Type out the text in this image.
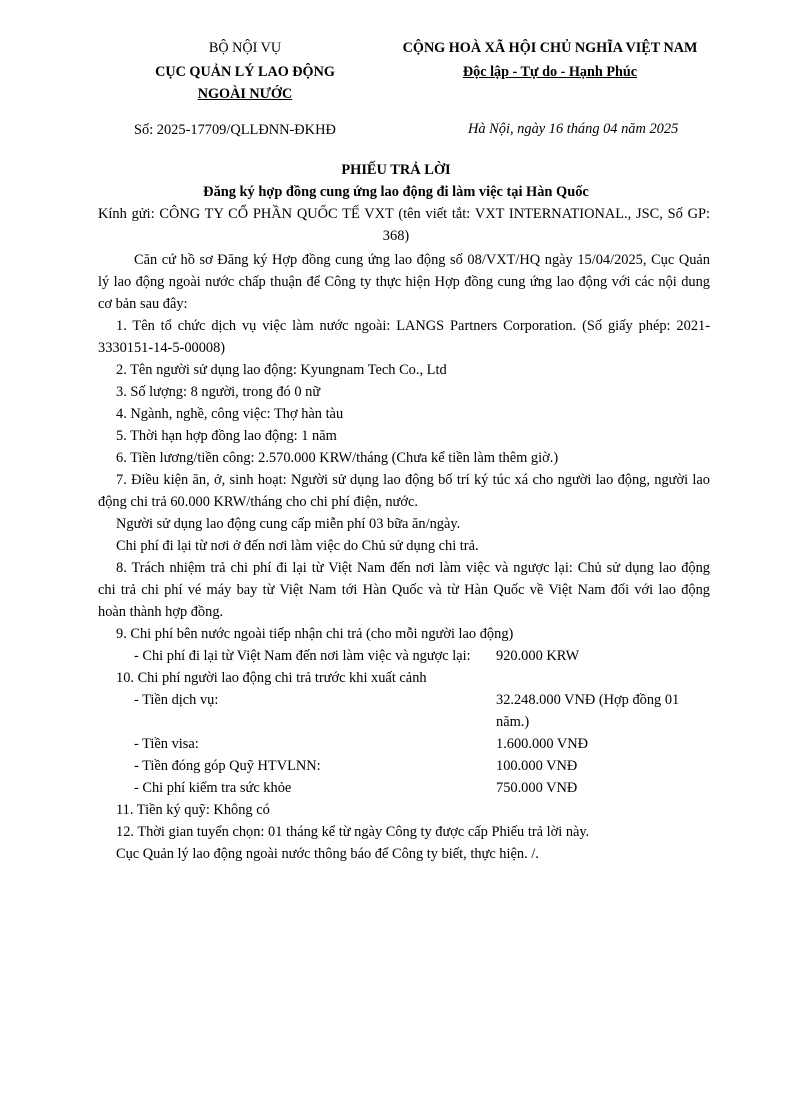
BỘ NỘI VỤ
CỤC QUẢN LÝ LAO ĐỘNG
NGOÀI NƯỚC
CỘNG HOÀ XÃ HỘI CHỦ NGHĨA VIỆT NAM
Độc lập - Tự do - Hạnh Phúc
Số: 2025-17709/QLLĐNN-ĐKHĐ	Hà Nội, ngày 16 tháng 04 năm 2025
PHIẾU TRẢ LỜI
Đăng ký hợp đồng cung ứng lao động đi làm việc tại Hàn Quốc
Kính gửi: CÔNG TY CỔ PHẦN QUỐC TẾ VXT (tên viết tắt: VXT INTERNATIONAL., JSC, Số GP:
368)
Căn cứ hồ sơ Đăng ký Hợp đồng cung ứng lao động số 08/VXT/HQ ngày 15/04/2025, Cục Quản
lý lao động ngoài nước chấp thuận để Công ty thực hiện Hợp đồng cung ứng lao động với các nội dung
cơ bản sau đây:
1. Tên tổ chức dịch vụ việc làm nước ngoài: LANGS Partners Corporation. (Số giấy phép: 2021-
3330151-14-5-00008)
2. Tên người sử dụng lao động: Kyungnam Tech Co., Ltd
3. Số lượng: 8 người, trong đó 0 nữ
4. Ngành, nghề, công việc: Thợ hàn tàu
5. Thời hạn hợp đồng lao động: 1 năm
6. Tiền lương/tiền công: 2.570.000 KRW/tháng (Chưa kể tiền làm thêm giờ.)
7. Điều kiện ăn, ở, sinh hoạt: Người sử dụng lao động bố trí ký túc xá cho người lao động, người lao
động chi trả 60.000 KRW/tháng cho chi phí điện, nước.
Người sử dụng lao động cung cấp miễn phí 03 bữa ăn/ngày.
Chi phí đi lại từ nơi ở đến nơi làm việc do Chủ sử dụng chi trả.
8. Trách nhiệm trả chi phí đi lại từ Việt Nam đến nơi làm việc và ngược lại: Chủ sử dụng lao động
chi trả chi phí vé máy bay từ Việt Nam tới Hàn Quốc và từ Hàn Quốc về Việt Nam đối với lao động
hoàn thành hợp đồng.
9. Chi phí bên nước ngoài tiếp nhận chi trả (cho mỗi người lao động)
- Chi phí đi lại từ Việt Nam đến nơi làm việc và ngược lại: 920.000 KRW
10. Chi phí người lao động chi trả trước khi xuất cảnh
- Tiền dịch vụ:	32.248.000 VNĐ (Hợp đồng 01
năm.)
- Tiền visa:	1.600.000 VNĐ
- Tiền đóng góp Quỹ HTVLNN:	100.000 VNĐ
- Chi phí kiểm tra sức khỏe	750.000 VNĐ
11. Tiền ký quỹ: Không có
12. Thời gian tuyển chọn: 01 tháng kể từ ngày Công ty được cấp Phiếu trả lời này.
Cục Quản lý lao động ngoài nước thông báo để Công ty biết, thực hiện. /.
